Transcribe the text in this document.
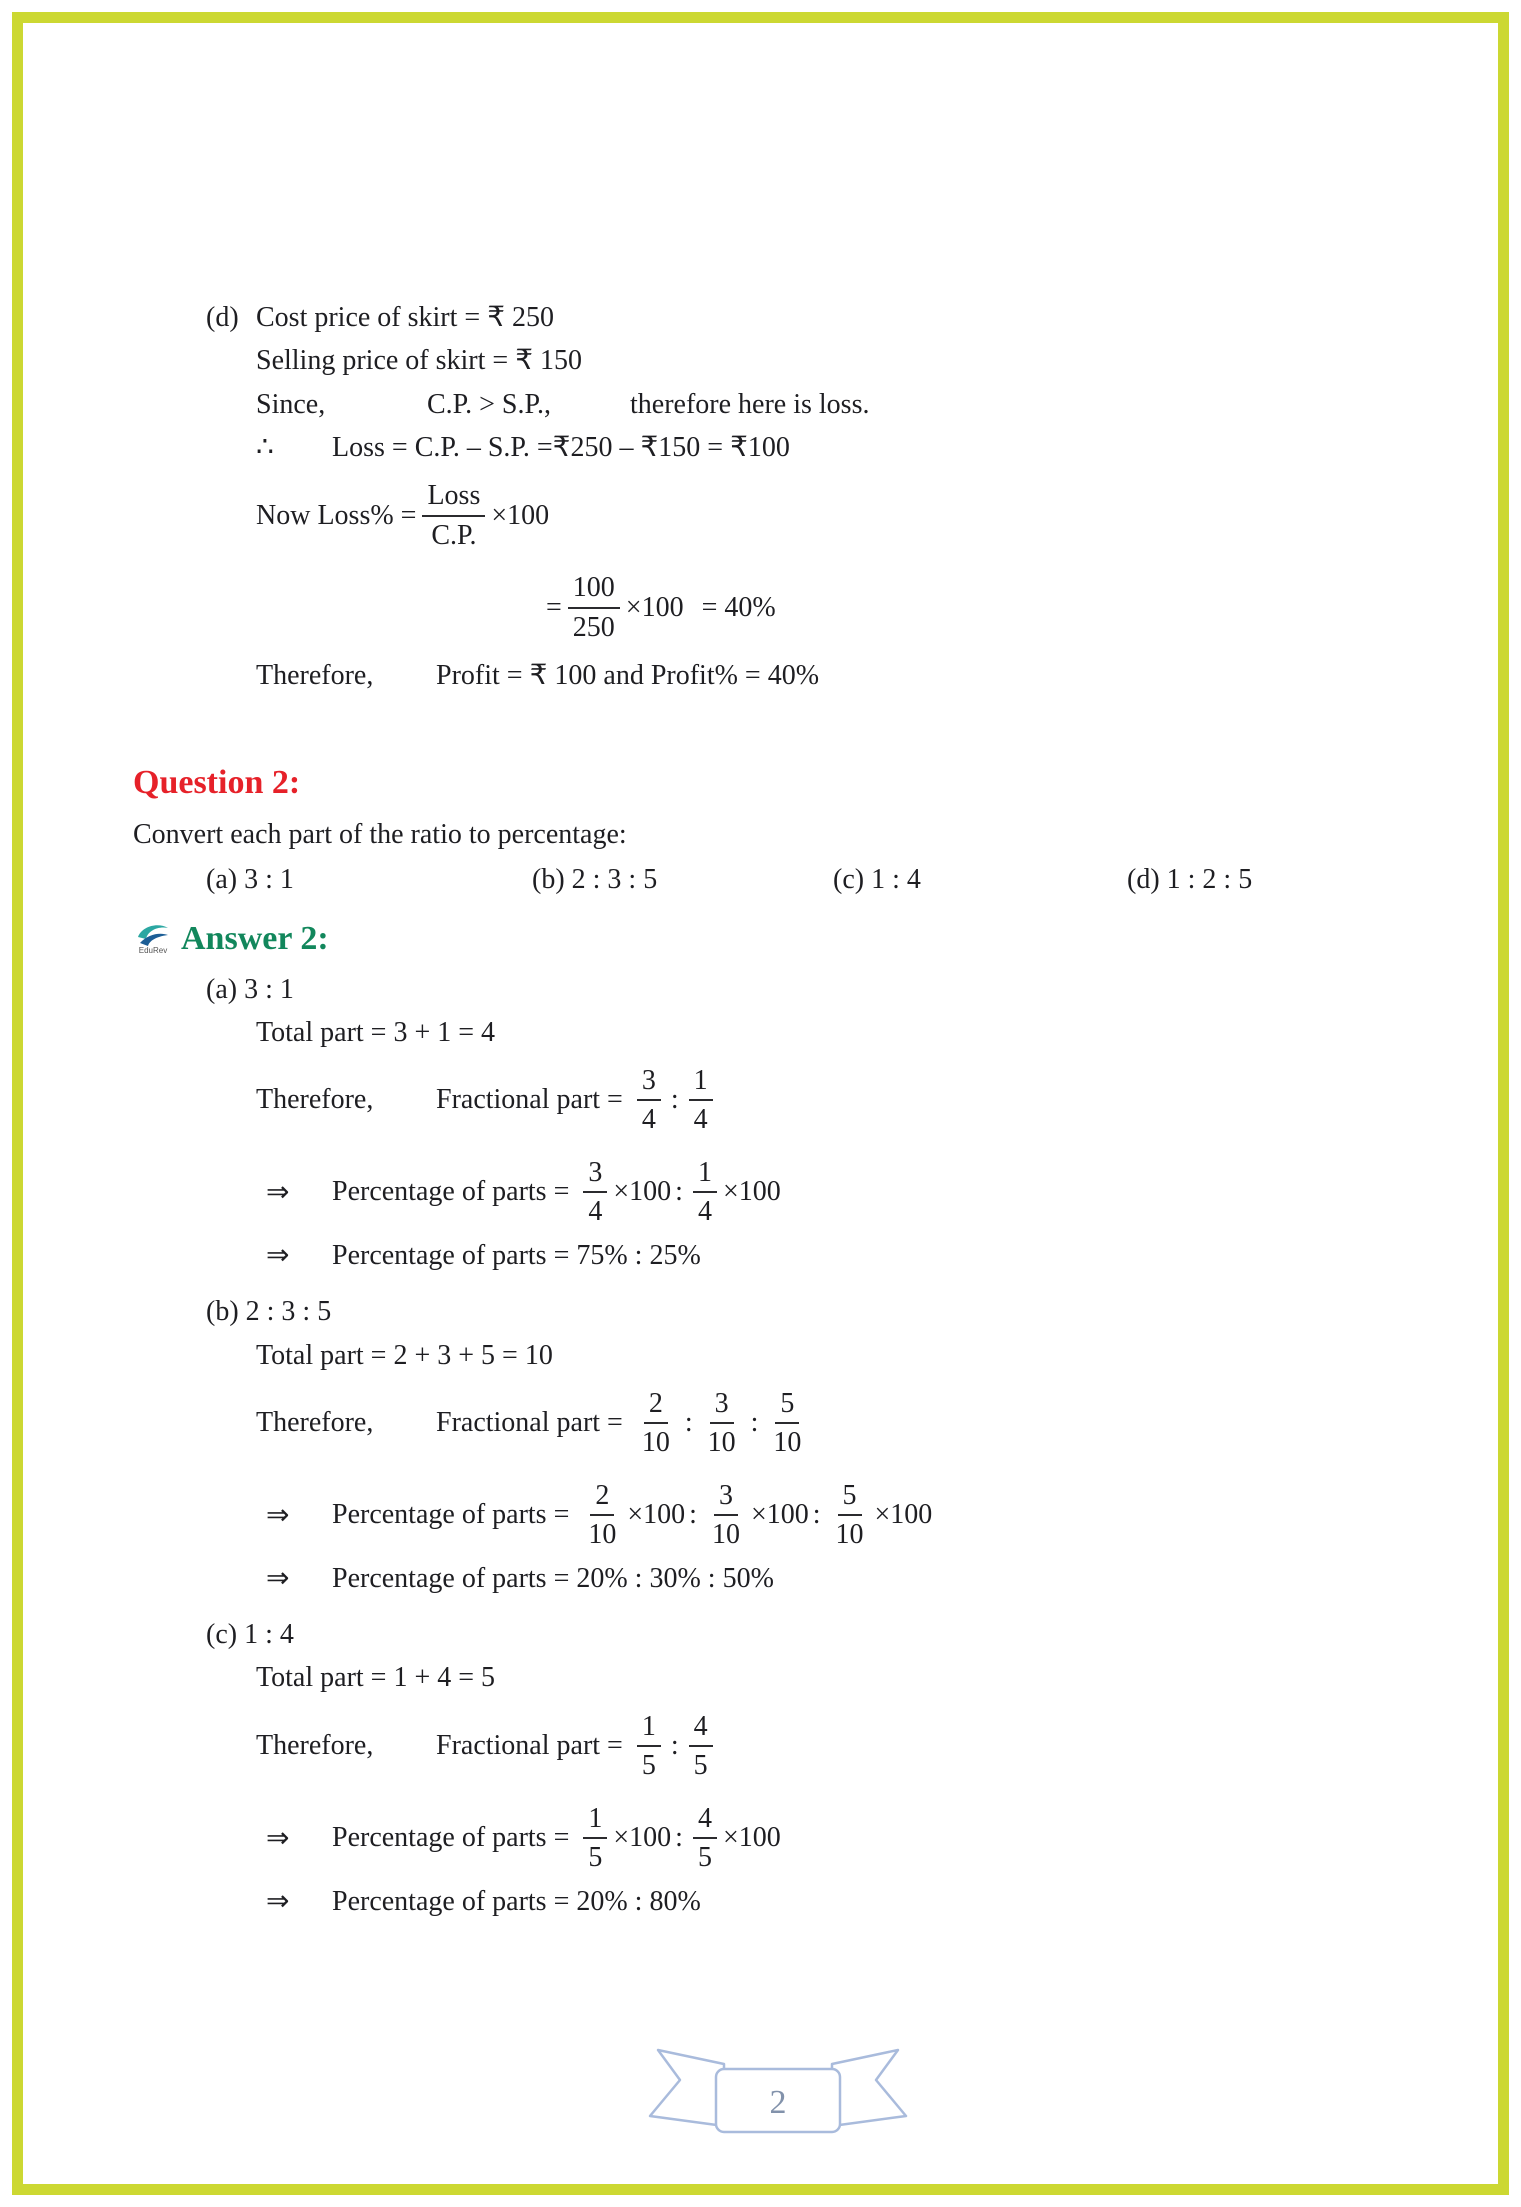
(d) Cost price of skirt = ₹ 250
Selling price of skirt = ₹ 150
Since,	C.P. > S.P.,	therefore here is loss.
∴ Loss = C.P. – S.P. =₹250 – ₹150 = ₹100
Now Loss% = $\frac{\text{Loss}}{C.P.} \times 100$
= $\frac{100}{250} \times 100 = 40\%$
Therefore, Profit = ₹ 100 and Profit% = 40%
Question 2:
Convert each part of the ratio to percentage:
(a) 3 : 1	(b) 2 : 3 : 5	(c) 1 : 4	(d) 1 : 2 : 5
EduRev Answer 2:
(a) 3 : 1
Total part = 3 + 1 = 4
Therefore,	Fractional part = $\frac{3}{4}$ : $\frac{1}{4}$
⇒	Percentage of parts = $\frac{3}{4} \times 100$ : $\frac{1}{4} \times 100$
⇒	Percentage of parts = 75% : 25%
(b) 2 : 3 : 5
Total part = 2 + 3 + 5 = 10
Therefore,	Fractional part = $\frac{2}{10}$ : $\frac{3}{10}$ : $\frac{5}{10}$
⇒	Percentage of parts = $\frac{2}{10} \times 100$ : $\frac{3}{10} \times 100$ : $\frac{5}{10} \times 100$
⇒	Percentage of parts = 20% : 30% : 50%
(c) 1 : 4
Total part = 1 + 4 = 5
Therefore,	Fractional part = $\frac{1}{5}$ : $\frac{4}{5}$
⇒	Percentage of parts = $\frac{1}{5} \times 100$ : $\frac{4}{5} \times 100$
⇒	Percentage of parts = 20% : 80%
2
